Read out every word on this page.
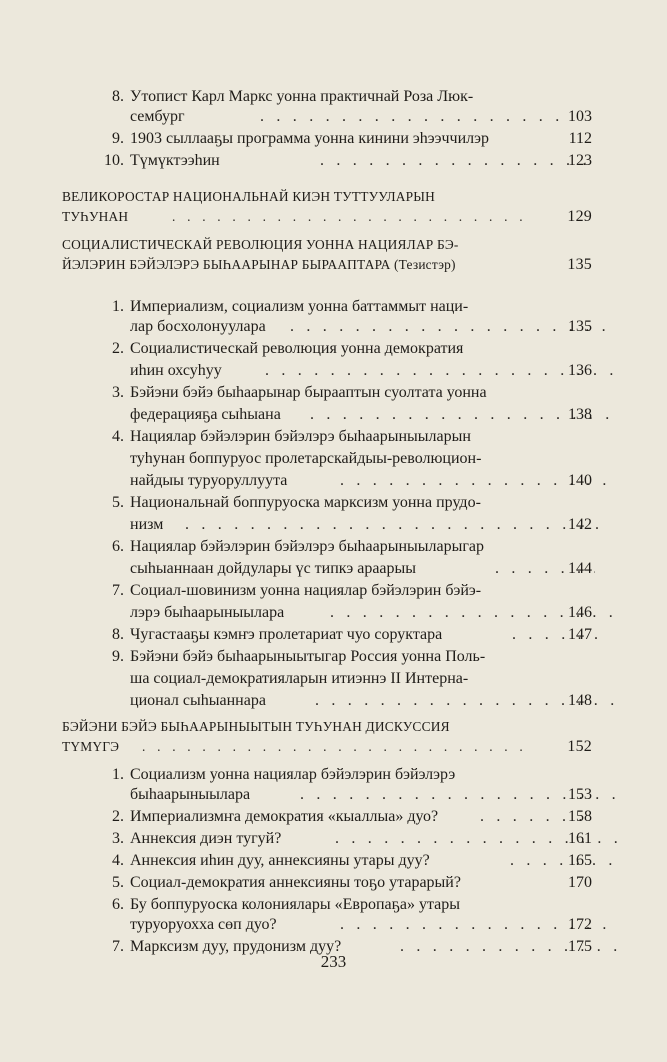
8. Утопист Карл Маркс уонна практичнай Роза Люк-
сембург . . .	103
9. 1903 сыллааҕы программа уонна кинини эһээччилэр	112
10. Түмүктээһин . . .	123
ВЕЛИКОРОСТАР НАЦИОНАЛЬНАЙ КИЭН ТУТТУУЛАРЫН
ТУҺУНАН . . .	129
СОЦИАЛИСТИЧЕСКАЙ РЕВОЛЮЦИЯ УОННА НАЦИЯЛАР БЭ-
ЙЭЛЭРИН БЭЙЭЛЭРЭ БЫҺААРЫНАР БЫРААПТАРА (Тезистэр)	135
1. Империализм, социализм уонна баттаммыт наци-
лар босхолонуулара . . .	135
2. Социалистическай революция уонна демократия
иһин охсуһуу . . .	136
3. Бэйэни бэйэ быһаарынар бырааптын суолтата уонна
федерацияҕа сыһыана . . .	138
4. Нациялар бэйэлэрин бэйэлэрэ быһаарыныыларын
туһунан боппуруос пролетарскайдыы-революцион-
найдыы туруоруллуута . . .	140
5. Национальнай боппуруоска марксизм уонна прудо-
низм . . .	142
6. Нациялар бэйэлэрин бэйэлэрэ быһаарыныыларыгар
сыһыаннаан дойдулары үс типкэ араарыы . . .	144
7. Социал-шовинизм уонна нациялар бэйэлэрин бэйэ-
лэрэ быһаарыныылара . . .	146
8. Чугастааҕы кэмҥэ пролетариат чуо соруктара . . .	147
9. Бэйэни бэйэ быһаарыныытыгар Россия уонна Поль-
ша социал-демократияларын итиэннэ II Интерна-
ционал сыһыаннара . . .	148
БЭЙЭНИ БЭЙЭ БЫҺААРЫНЫЫТЫН ТУҺУНАН ДИСКУССИЯ
ТҮМҮГЭ . . .	152
1. Социализм уонна нациялар бэйэлэрин бэйэлэрэ
быһаарыныылара . . .	153
2. Империализмҥа демократия «кыаллыа» дуо? . . .	158
3. Аннексия диэн тугуй? . . .	161
4. Аннексия иһин дуу, аннексияны утары дуу? . . .	165
5. Социал-демократия аннексияны тоҕо утарарый?	170
6. Бу боппуруоска колониялары «Европаҕа» утары
туруоруохха сөп дуо? . . .	172
7. Марксизм дуу, прудонизм дуу? . . .	175
233
